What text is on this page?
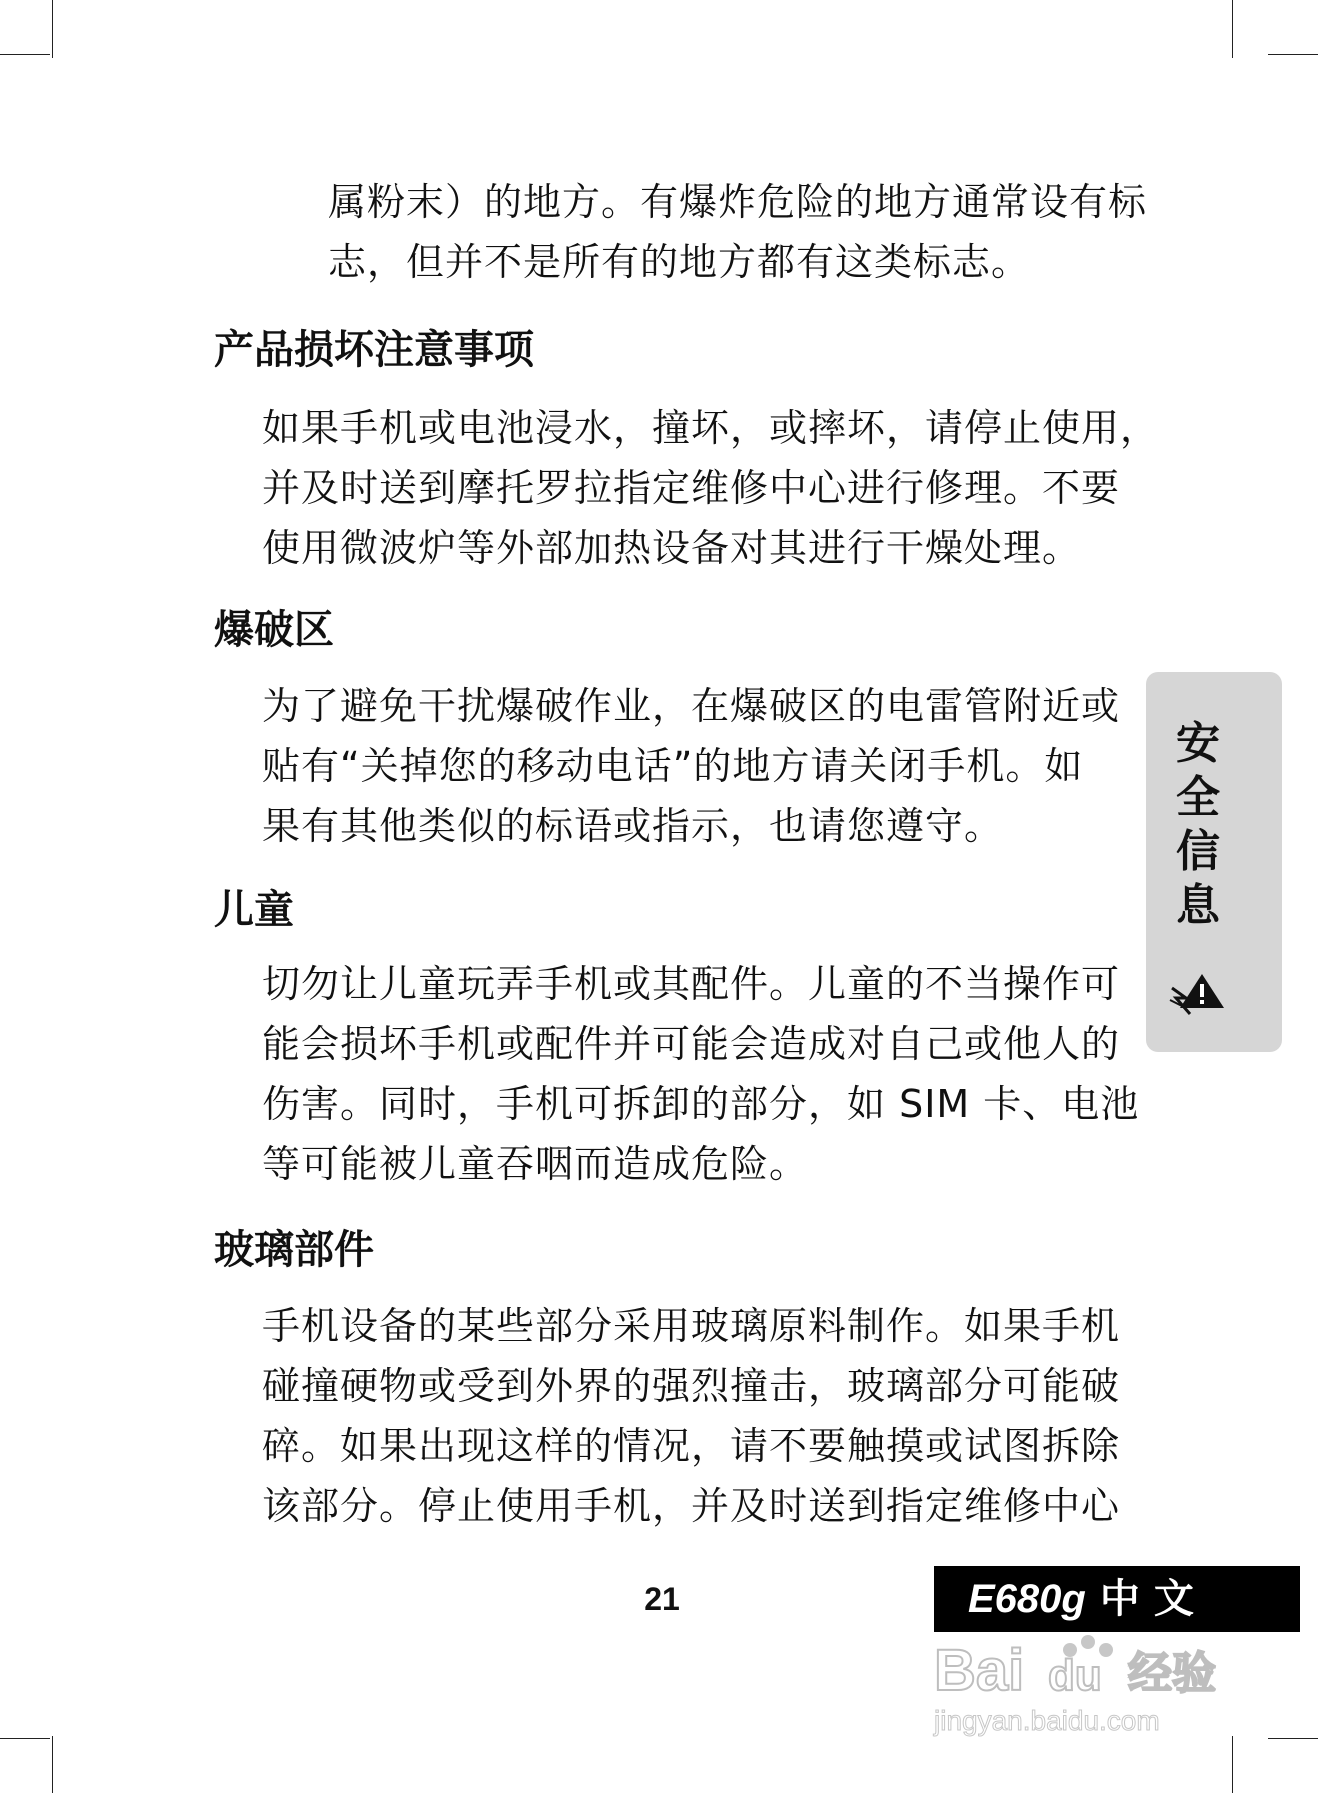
属粉末）的地方。有爆炸危险的地方通常设有标
志，但并不是所有的地方都有这类标志。

产品损坏注意事项

如果手机或电池浸水，撞坏，或摔坏，请停止使用，
并及时送到摩托罗拉指定维修中心进行修理。不要
使用微波炉等外部加热设备对其进行干燥处理。

爆破区

为了避免干扰爆破作业，在爆破区的电雷管附近或
贴有“关掉您的移动电话”的地方请关闭手机。如
果有其他类似的标语或指示，也请您遵守。

儿童

切勿让儿童玩弄手机或其配件。儿童的不当操作可
能会损坏手机或配件并可能会造成对自己或他人的
伤害。同时，手机可拆卸的部分，如 SIM 卡、电池
等可能被儿童吞咽而造成危险。

玻璃部件

手机设备的某些部分采用玻璃原料制作。如果手机
碰撞硬物或受到外界的强烈撞击，玻璃部分可能破
碎。如果出现这样的情况，请不要触摸或试图拆除
该部分。停止使用手机，并及时送到指定维修中心

安
全
信
息
21	E680g 中文
Bai du 经验
jingyan.baidu.com
